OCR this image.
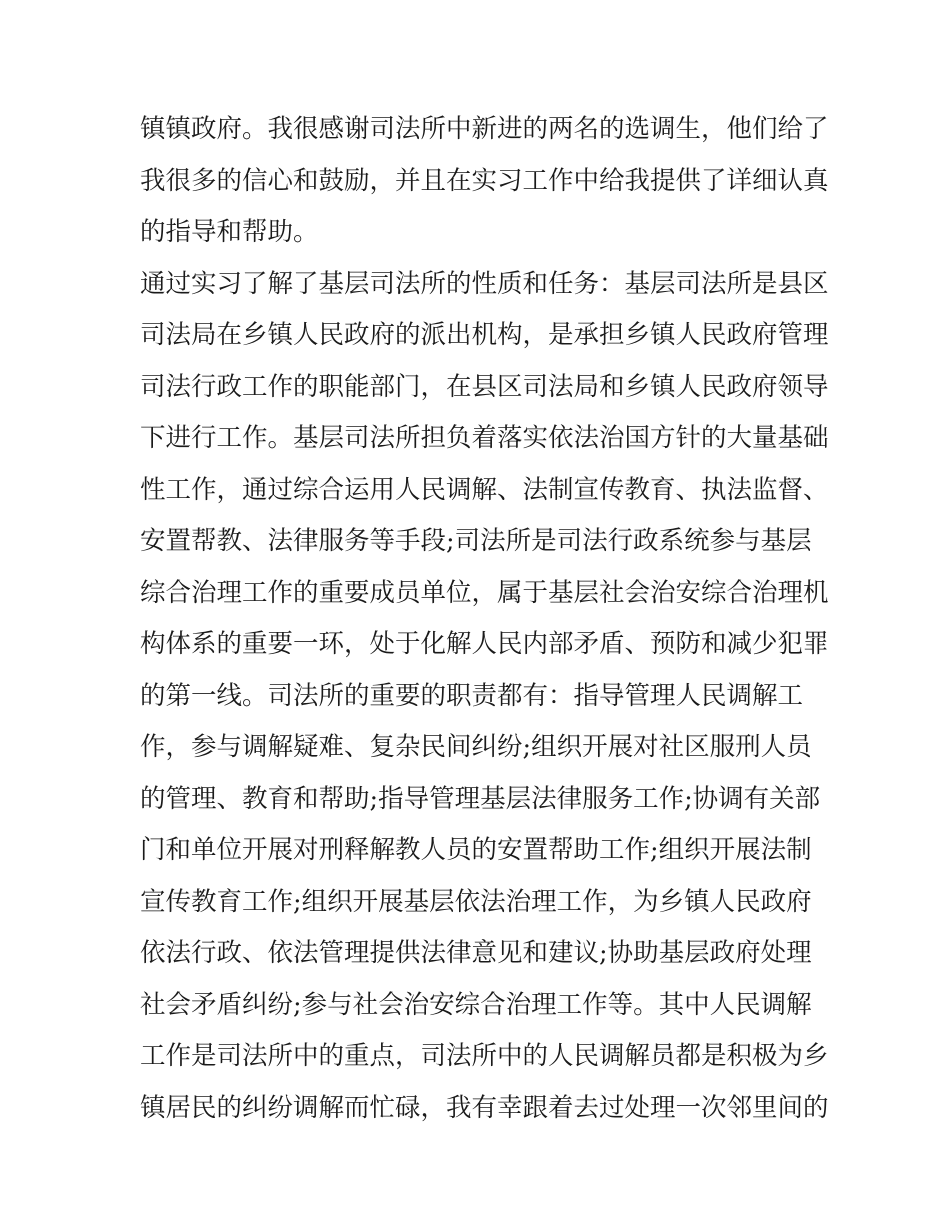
镇镇政府。我很感谢司法所中新进的两名的选调生，他们给了
我很多的信心和鼓励，并且在实习工作中给我提供了详细认真
的指导和帮助。
通过实习了解了基层司法所的性质和任务：基层司法所是县区
司法局在乡镇人民政府的派出机构，是承担乡镇人民政府管理
司法行政工作的职能部门，在县区司法局和乡镇人民政府领导
下进行工作。基层司法所担负着落实依法治国方针的大量基础
性工作，通过综合运用人民调解、法制宣传教育、执法监督、
安置帮教、法律服务等手段;司法所是司法行政系统参与基层
综合治理工作的重要成员单位，属于基层社会治安综合治理机
构体系的重要一环，处于化解人民内部矛盾、预防和减少犯罪
的第一线。司法所的重要的职责都有：指导管理人民调解工
作，参与调解疑难、复杂民间纠纷;组织开展对社区服刑人员
的管理、教育和帮助;指导管理基层法律服务工作;协调有关部
门和单位开展对刑释解教人员的安置帮助工作;组织开展法制
宣传教育工作;组织开展基层依法治理工作，为乡镇人民政府
依法行政、依法管理提供法律意见和建议;协助基层政府处理
社会矛盾纠纷;参与社会治安综合治理工作等。其中人民调解
工作是司法所中的重点，司法所中的人民调解员都是积极为乡
镇居民的纠纷调解而忙碌，我有幸跟着去过处理一次邻里间的
